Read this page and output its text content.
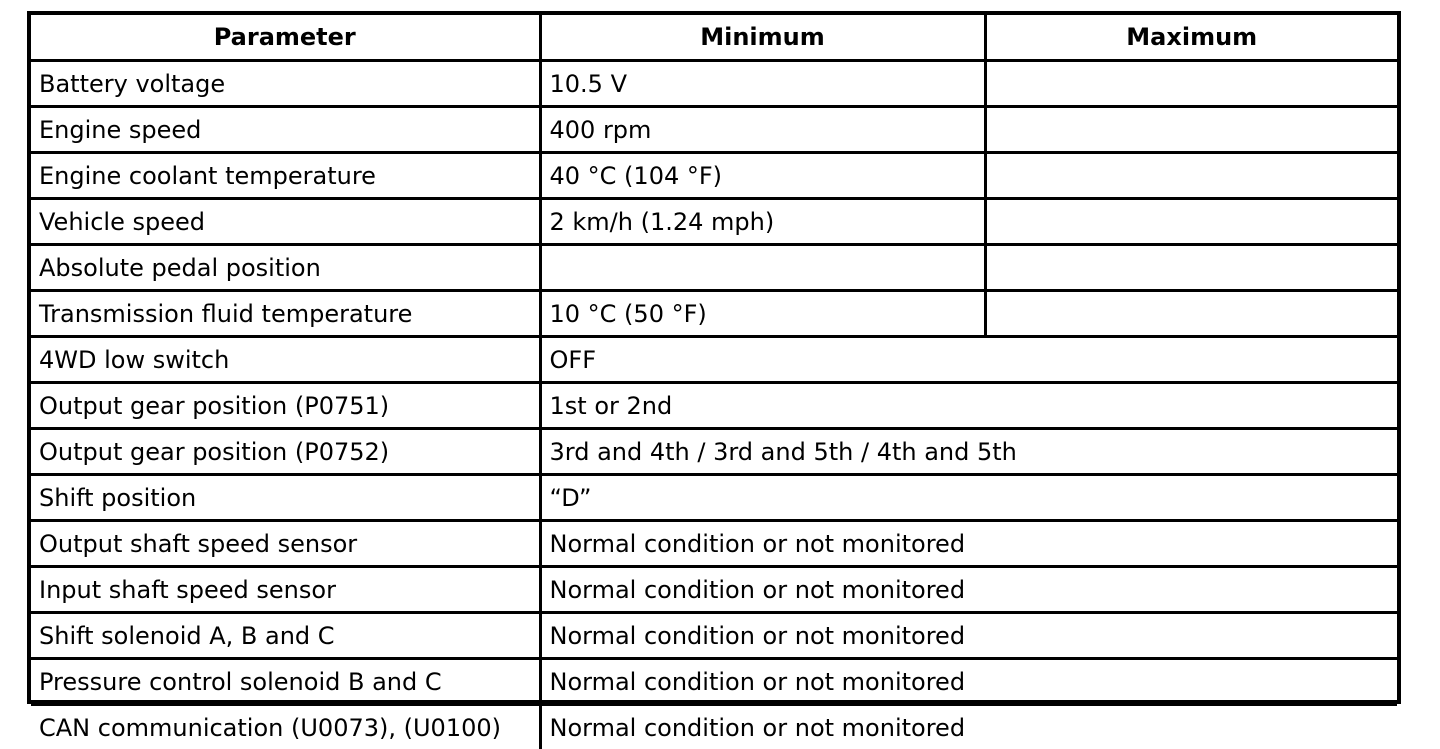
Parameter	Minimum	Maximum
Battery voltage	10.5 V	
Engine speed	400 rpm	
Engine coolant temperature	40 °C (104 °F)	
Vehicle speed	2 km/h (1.24 mph)	
Absolute pedal position		
Transmission fluid temperature	10 °C (50 °F)	
4WD low switch	OFF	
Output gear position (P0751)	1st or 2nd	
Output gear position (P0752)	3rd and 4th / 3rd and 5th / 4th and 5th	
Shift position	“D”	
Output shaft speed sensor	Normal condition or not monitored	
Input shaft speed sensor	Normal condition or not monitored	
Shift solenoid A, B and C	Normal condition or not monitored	
Pressure control solenoid B and C	Normal condition or not monitored	
CAN communication (U0073), (U0100)	Normal condition or not monitored	
